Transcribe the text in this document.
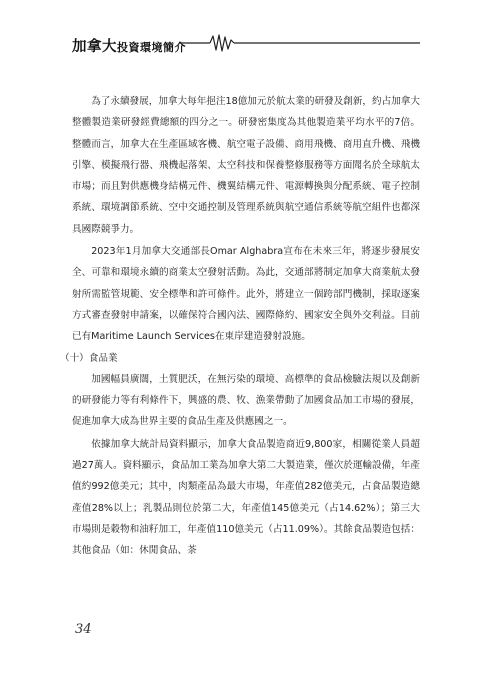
加拿大投資環境簡介

為了永續發展，加拿大每年挹注18億加元於航太業的研發及創新，約占加拿大整體製造業研發經費總額的四分之一。研發密集度為其他製造業平均水平的7倍。整體而言，加拿大在生產區域客機、航空電子設備、商用飛機、商用直升機、飛機引擎、模擬飛行器、飛機起落架、太空科技和保養整修服務等方面聞名於全球航太市場；而且對供應機身結構元件、機翼結構元件、電源轉換與分配系統、電子控制系統、環境調節系統、空中交通控制及管理系統與航空通信系統等航空組件也都深具國際競爭力。

2023年1月加拿大交通部長Omar Alghabra宣布在未來三年，將逐步發展安全、可靠和環境永續的商業太空發射活動。為此，交通部將制定加拿大商業航太發射所需監管規範、安全標準和許可條件。此外，將建立一個跨部門機制，採取逐案方式審查發射申請案，以確保符合國內法、國際條約、國家安全與外交利益。目前已有Maritime Launch Services在東岸建造發射設施。

（十）食品業

加國幅員廣闊，土質肥沃，在無污染的環境、高標準的食品檢驗法規以及創新的研發能力等有利條件下，興盛的農、牧、漁業帶動了加國食品加工市場的發展，促進加拿大成為世界主要的食品生產及供應國之一。

依據加拿大統計局資料顯示，加拿大食品製造商近9,800家，相關從業人員超過27萬人。資料顯示，食品加工業為加拿大第二大製造業，僅次於運輸設備，年產值約992億美元；其中，肉類產品為最大市場，年產值282億美元，占食品製造總產值28%以上；乳製品則位於第二大，年產值145億美元（占14.62%）；第三大市場則是穀物和油籽加工，年產值110億美元（占11.09%）。其餘食品製造包括：其他食品（如：休閒食品、茶

34
